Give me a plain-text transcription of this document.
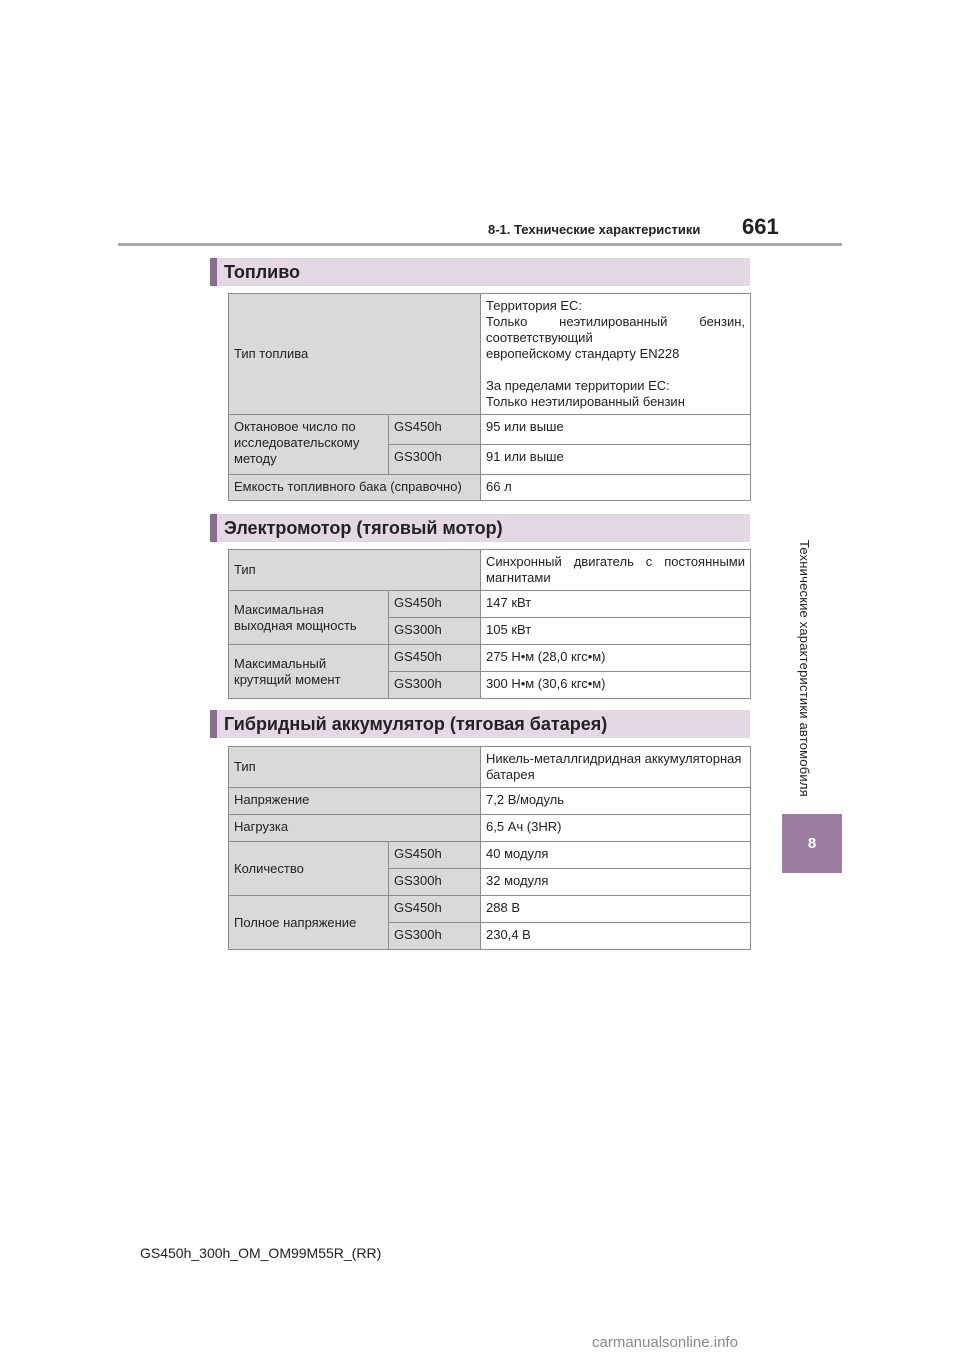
8-1. Технические характеристики 661
Технические характеристики автомобиля
8
Топливо
Тип топлива		Территория ЕС:
Только неэтилированный бензин, соответствующий
европейскому стандарту EN228
За пределами территории ЕС:
Только неэтилированный бензин

Октановое число по исследовательскому методу	GS450h	95 или выше
	GS300h	91 или выше
Емкость топливного бака (справочно)		66 л
Электромотор (тяговый мотор)
Тип		Синхронный двигатель с постоянными магнитами
Максимальная выходная мощность	GS450h	147 кВт
	GS300h	105 кВт
Максимальный крутящий момент	GS450h	275 Н•м (28,0 кгс•м)
	GS300h	300 Н•м (30,6 кгс•м)
Гибридный аккумулятор (тяговая батарея)
Тип		Никель-металлгидридная аккумуляторная батарея
Напряжение		7,2 В/модуль
Нагрузка		6,5 Ач (3HR)
Количество	GS450h	40 модуля
	GS300h	32 модуля
Полное напряжение	GS450h	288 В
	GS300h	230,4 В
GS450h_300h_OM_OM99M55R_(RR)
carmanualsonline.info
